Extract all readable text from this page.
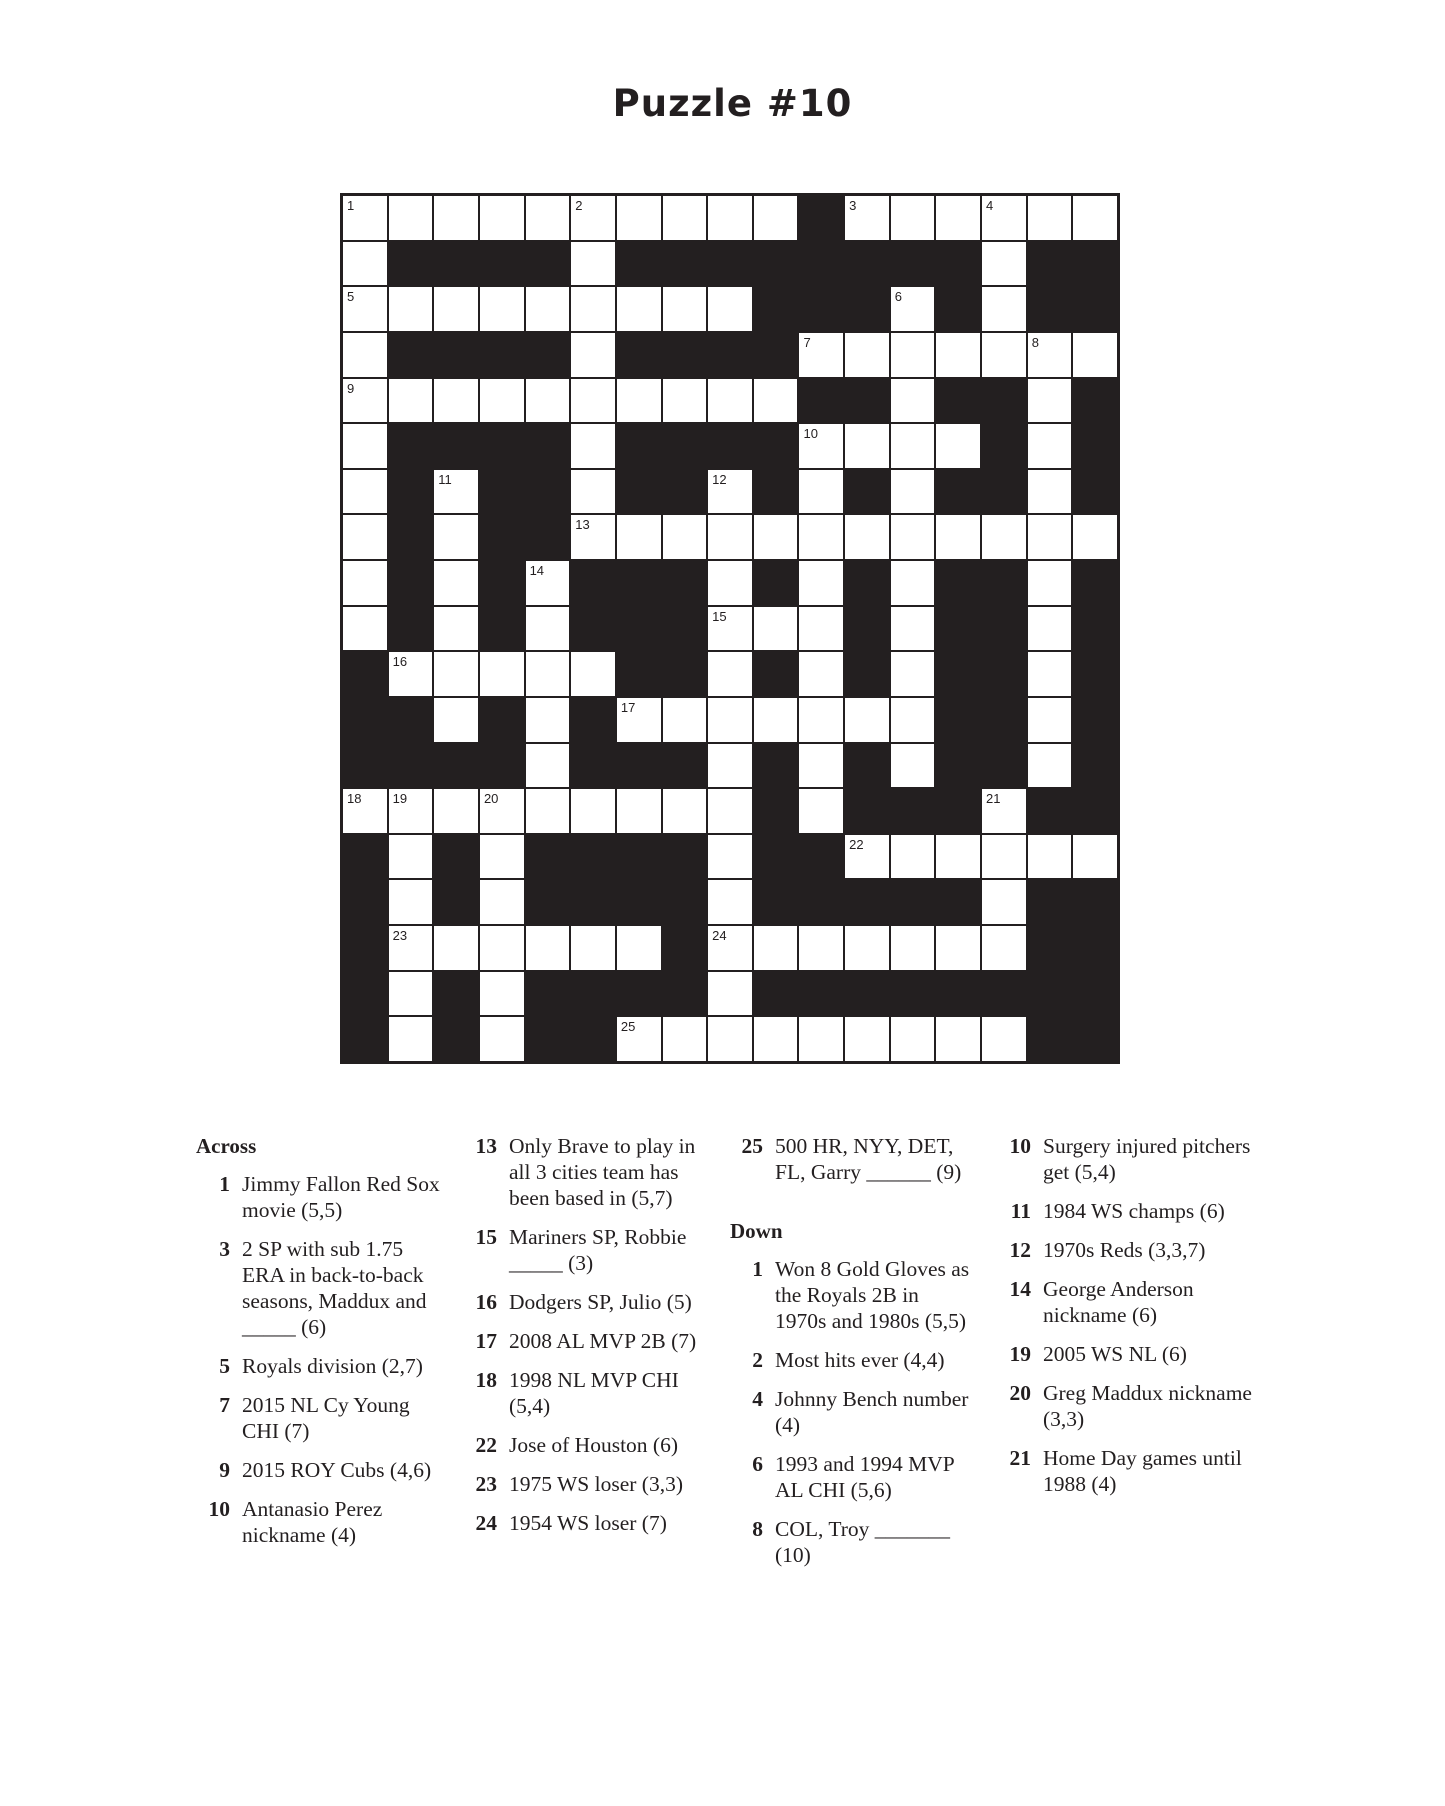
Puzzle #10
1	2	3	4
5	6
7	8
9
10
11	12
13
14
15
16
17
18 19	20	21
22
23	24
25
Across
1 Jimmy Fallon Red Sox movie (5,5)
3 2 SP with sub 1.75 ERA in back-to-back seasons, Maddux and _____ (6)
5 Royals division (2,7)
7 2015 NL Cy Young CHI (7)
9 2015 ROY Cubs (4,6)
10 Antanasio Perez nickname (4)
13 Only Brave to play in all 3 cities team has been based in (5,7)
15 Mariners SP, Robbie _____ (3)
16 Dodgers SP, Julio (5)
17 2008 AL MVP 2B (7)
18 1998 NL MVP CHI (5,4)
22 Jose of Houston (6)
23 1975 WS loser (3,3)
24 1954 WS loser (7)
25 500 HR, NYY, DET, FL, Garry ______ (9)
Down
1 Won 8 Gold Gloves as the Royals 2B in 1970s and 1980s (5,5)
2 Most hits ever (4,4)
4 Johnny Bench number (4)
6 1993 and 1994 MVP AL CHI (5,6)
8 COL, Troy _______ (10)
10 Surgery injured pitchers get (5,4)
11 1984 WS champs (6)
12 1970s Reds (3,3,7)
14 George Anderson nickname (6)
19 2005 WS NL (6)
20 Greg Maddux nickname (3,3)
21 Home Day games until 1988 (4)
